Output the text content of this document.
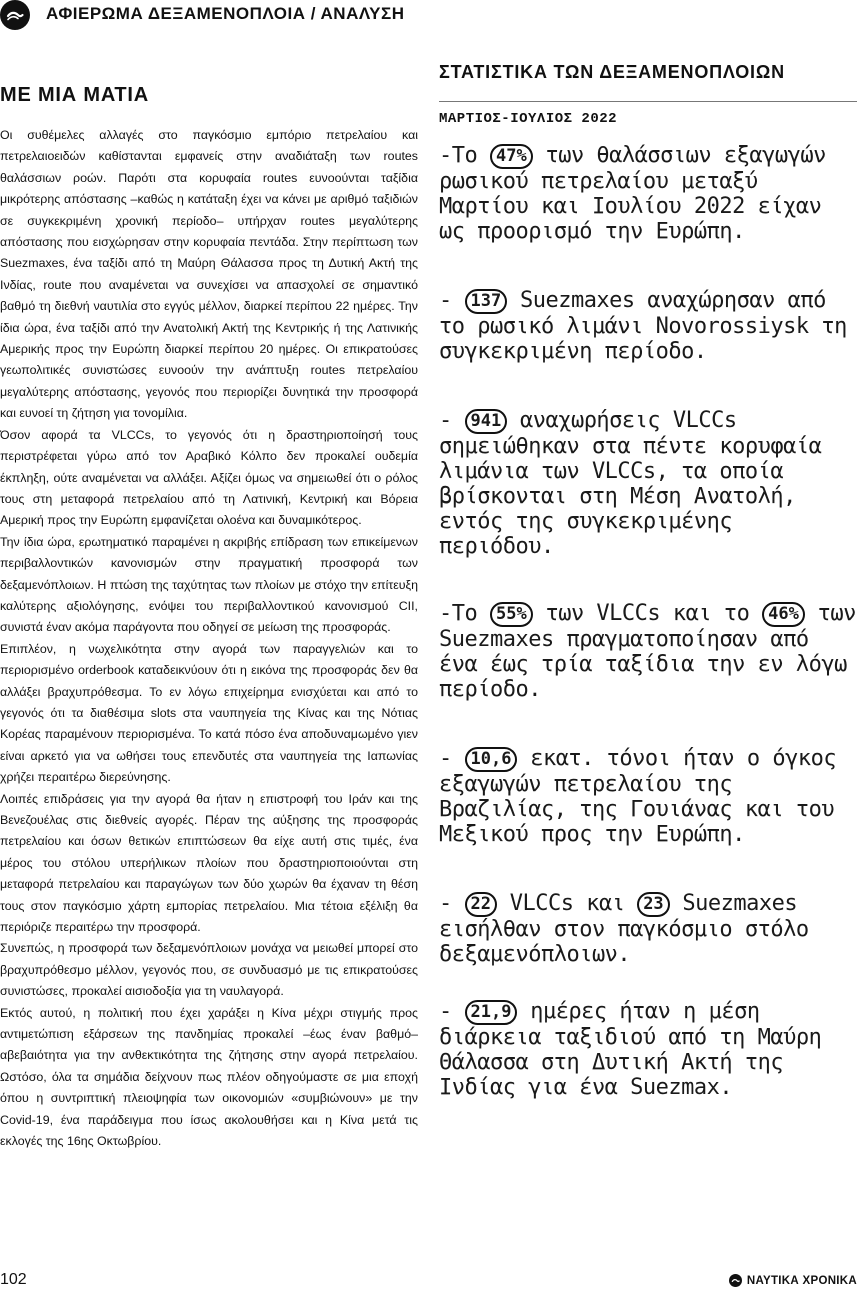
ΑΦΙΕΡΩΜΑ ΔΕΞΑΜΕΝΟΠΛΟΙΑ / ΑΝΑΛΥΣΗ
ΜΕ ΜΙΑ ΜΑΤΙΑ

Οι συθέμελες αλλαγές στο παγκόσμιο εμπόριο πετρελαίου και πετρελαιοειδών καθίστανται εμφανείς στην αναδιάταξη των routes θαλάσσιων ροών. Παρότι στα κορυφαία routes ευνοούνται ταξίδια μικρότερης απόστασης –καθώς η κατάταξη έχει να κάνει με αριθμό ταξιδιών σε συγκεκριμένη χρονική περίοδο– υπήρχαν routes μεγαλύτερης απόστασης που εισχώρησαν στην κορυφαία πεντάδα. Στην περίπτωση των Suezmaxes, ένα ταξίδι από τη Μαύρη Θάλασσα προς τη Δυτική Ακτή της Ινδίας, route που αναμένεται να συνεχίσει να απασχολεί σε σημαντικό βαθμό τη διεθνή ναυτιλία στο εγγύς μέλλον, διαρκεί περίπου 22 ημέρες. Την ίδια ώρα, ένα ταξίδι από την Ανατολική Ακτή της Κεντρικής ή της Λατινικής Αμερικής προς την Ευρώπη διαρκεί περίπου 20 ημέρες. Οι επικρατούσες γεωπολιτικές συνιστώσες ευνοούν την ανάπτυξη routes πετρελαίου μεγαλύτερης απόστασης, γεγονός που περιορίζει δυνητικά την προσφορά και ευνοεί τη ζήτηση για τονομίλια.

Όσον αφορά τα VLCCs, το γεγονός ότι η δραστηριοποίησή τους περιστρέφεται γύρω από τον Αραβικό Κόλπο δεν προκαλεί ουδεμία έκπληξη, ούτε αναμένεται να αλλάξει. Αξίζει όμως να σημειωθεί ότι ο ρόλος τους στη μεταφορά πετρελαίου από τη Λατινική, Κεντρική και Βόρεια Αμερική προς την Ευρώπη εμφανίζεται ολοένα και δυναμικότερος.

Την ίδια ώρα, ερωτηματικό παραμένει η ακριβής επίδραση των επικείμενων περιβαλλοντικών κανονισμών στην πραγματική προσφορά των δεξαμενόπλοιων. Η πτώση της ταχύτητας των πλοίων με στόχο την επίτευξη καλύτερης αξιολόγησης, ενόψει του περιβαλλοντικού κανονισμού CII, συνιστά έναν ακόμα παράγοντα που οδηγεί σε μείωση της προσφοράς.

Επιπλέον, η νωχελικότητα στην αγορά των παραγγελιών και το περιορισμένο orderbook καταδεικνύουν ότι η εικόνα της προσφοράς δεν θα αλλάξει βραχυπρόθεσμα. Το εν λόγω επιχείρημα ενισχύεται και από το γεγονός ότι τα διαθέσιμα slots στα ναυπηγεία της Κίνας και της Νότιας Κορέας παραμένουν περιορισμένα. Το κατά πόσο ένα αποδυναμωμένο γιεν είναι αρκετό για να ωθήσει τους επενδυτές στα ναυπηγεία της Ιαπωνίας χρήζει περαιτέρω διερεύνησης.

Λοιπές επιδράσεις για την αγορά θα ήταν η επιστροφή του Ιράν και της Βενεζουέλας στις διεθνείς αγορές. Πέραν της αύξησης της προσφοράς πετρελαίου και όσων θετικών επιπτώσεων θα είχε αυτή στις τιμές, ένα μέρος του στόλου υπερήλικων πλοίων που δραστηριοποιούνται στη μεταφορά πετρελαίου και παραγώγων των δύο χωρών θα έχαναν τη θέση τους στον παγκόσμιο χάρτη εμπορίας πετρελαίου. Μια τέτοια εξέλιξη θα περιόριζε περαιτέρω την προσφορά.

Συνεπώς, η προσφορά των δεξαμενόπλοιων μονάχα να μειωθεί μπορεί στο βραχυπρόθεσμο μέλλον, γεγονός που, σε συνδυασμό με τις επικρατούσες συνιστώσες, προκαλεί αισιοδοξία για τη ναυλαγορά.

Εκτός αυτού, η πολιτική που έχει χαράξει η Κίνα μέχρι στιγμής προς αντιμετώπιση εξάρσεων της πανδημίας προκαλεί –έως έναν βαθμό– αβεβαιότητα για την ανθεκτικότητα της ζήτησης στην αγορά πετρελαίου. Ωστόσο, όλα τα σημάδια δείχνουν πως πλέον οδηγούμαστε σε μια εποχή όπου η συντριπτική πλειοψηφία των οικονομιών «συμβιώνουν» με την Covid-19, ένα παράδειγμα που ίσως ακολουθήσει και η Κίνα μετά τις εκλογές της 16ης Οκτωβρίου.

ΣΤΑΤΙΣΤΙΚΑ ΤΩΝ ΔΕΞΑΜΕΝΟΠΛΟΙΩΝ
ΜΑΡΤΙΟΣ-ΙΟΥΛΙΟΣ 2022

-Το 47% των θαλάσσιων εξαγωγών ρωσικού πετρελαίου μεταξύ Μαρτίου και Ιουλίου 2022 είχαν ως προορισμό την Ευρώπη.

- 137 Suezmaxes αναχώρησαν από το ρωσικό λιμάνι Novorossiysk τη συγκεκριμένη περίοδο.

- 941 αναχωρήσεις VLCCs σημειώθηκαν στα πέντε κορυφαία λιμάνια των VLCCs, τα οποία βρίσκονται στη Μέση Ανατολή, εντός της συγκεκριμένης περιόδου.

-Το 55% των VLCCs και το 46% των Suezmaxes πραγματοποίησαν από ένα έως τρία ταξίδια την εν λόγω περίοδο.

- 10,6 εκατ. τόνοι ήταν ο όγκος εξαγωγών πετρελαίου της Βραζιλίας, της Γουιάνας και του Μεξικού προς την Ευρώπη.

- 22 VLCCs και 23 Suezmaxes εισήλθαν στον παγκόσμιο στόλο δεξαμενόπλοιων.

- 21,9 ημέρες ήταν η μέση διάρκεια ταξιδιού από τη Μαύρη Θάλασσα στη Δυτική Ακτή της Ινδίας για ένα Suezmax.

102	ΝΑΥΤΙΚΑ ΧΡΟΝΙΚΑ
